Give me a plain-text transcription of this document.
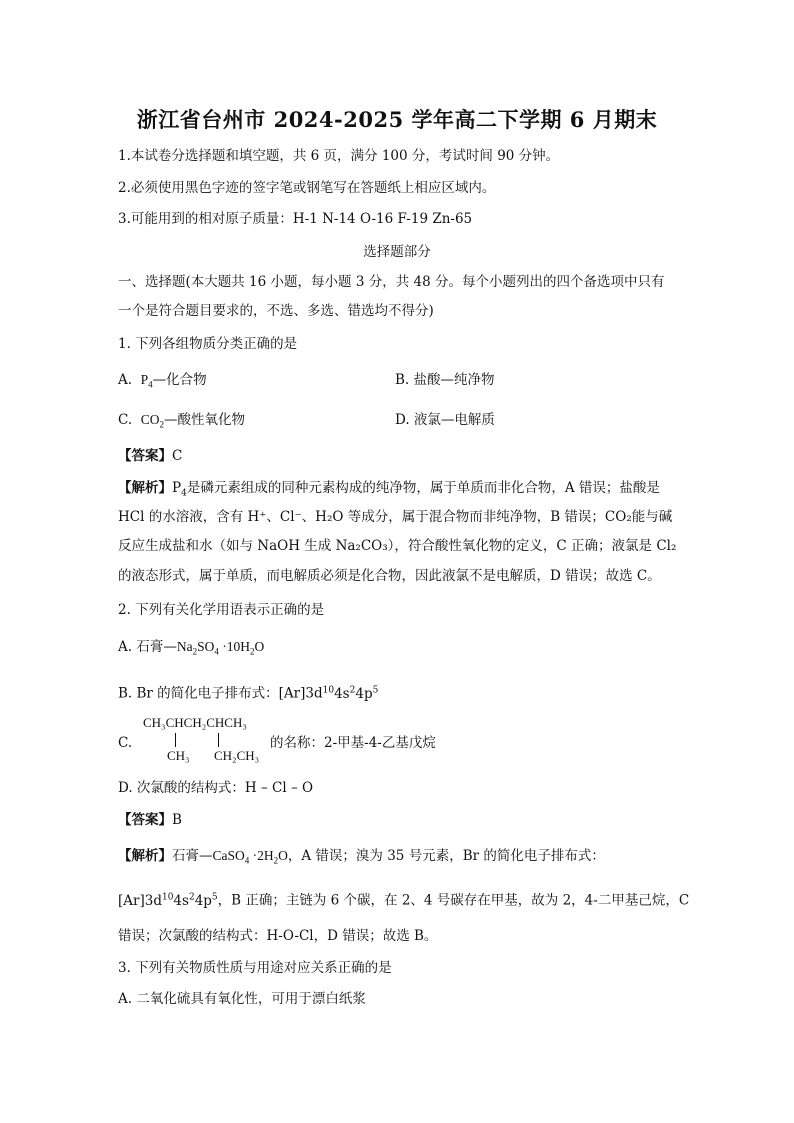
浙江省台州市 2024-2025 学年高二下学期 6 月期末
1.本试卷分选择题和填空题，共 6 页，满分 100 分，考试时间 90 分钟。
2.必须使用黑色字迹的签字笔或钢笔写在答题纸上相应区域内。
3.可能用到的相对原子质量：H-1 N-14 O-16 F-19 Zn-65
选择题部分
一、选择题(本大题共 16 小题，每小题 3 分，共 48 分。每个小题列出的四个备选项中只有
一个是符合题目要求的，不选、多选、错选均不得分)
1. 下列各组物质分类正确的是
A. $P_4—$化合物	B. 盐酸—纯净物
C. $CO_2—$酸性氧化物	D. 液氯—电解质
【答案】C
【解析】$P_4$是磷元素组成的同种元素构成的纯净物，属于单质而非化合物，A 错误；盐酸是
HCl 的水溶液，含有 H⁺、Cl⁻、H₂O 等成分，属于混合物而非纯净物，B 错误；CO₂能与碱
反应生成盐和水（如与 NaOH 生成 Na₂CO₃），符合酸性氧化物的定义，C 正确；液氯是 Cl₂
的液态形式，属于单质，而电解质必须是化合物，因此液氯不是电解质，D 错误；故选 C。
2. 下列有关化学用语表示正确的是
A. 石膏$—Na_2SO_4 \cdot 10H_2O$
B. Br 的简化电子排布式：$[Ar]3d^{10}4s^24p^5$
C.
CH₃CHCH₂CHCH₃
CH₃ CH₂CH₃
的名称：2-甲基-4-乙基戊烷
D. 次氯酸的结构式：H – Cl – O
【答案】B
【解析】石膏—CaSO$_4$ $\cdot 2H_2O$，A 错误；溴为 35 号元素，Br 的简化电子排布式：
$[Ar]3d^{10}4s^24p^5$，B 正确；主链为 6 个碳，在 2、4 号碳存在甲基，故为 2，4-二甲基己烷，C
错误；次氯酸的结构式：H-O-Cl，D 错误；故选 B。
3. 下列有关物质性质与用途对应关系正确的是
A. 二氧化硫具有氧化性，可用于漂白纸浆
